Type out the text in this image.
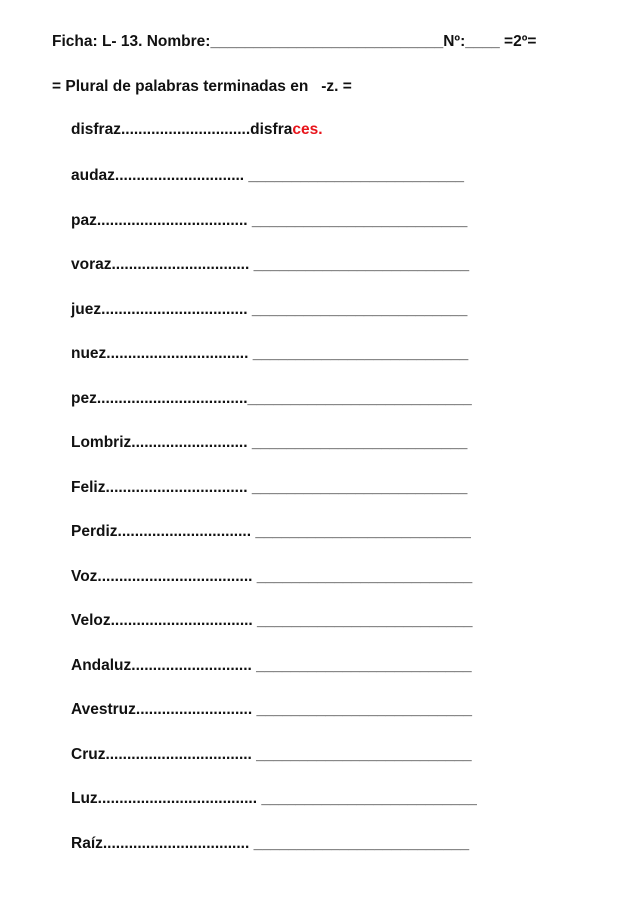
Ficha: L- 13. Nombre:___________________________Nº:____ =2º=
= Plural de palabras terminadas en   -z. =
disfraz..............................disfraces.
audaz.............................. _________________________
paz................................... _________________________
voraz................................ _________________________
juez.................................. _________________________
nuez................................. _________________________
pez...................................__________________________
Lombriz........................... _________________________
Feliz................................. _________________________
Perdiz............................... _________________________
Voz.................................... _________________________
Veloz................................. _________________________
Andaluz............................ _________________________
Avestruz........................... _________________________
Cruz.................................. _________________________
Luz..................................... _________________________
Raíz.................................. _________________________
